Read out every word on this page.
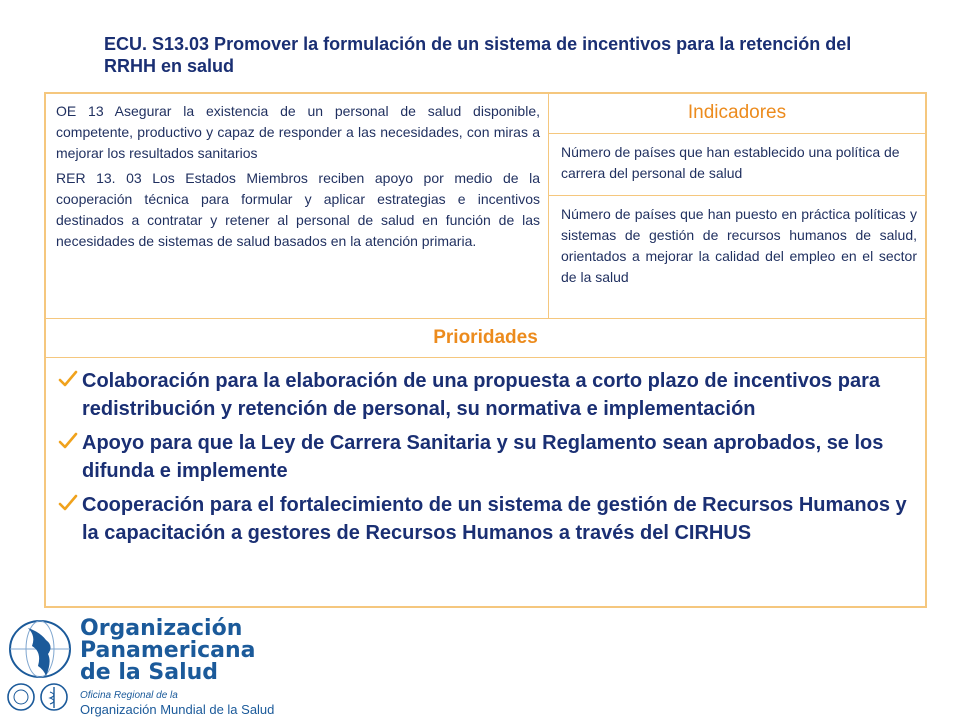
ECU. S13.03 Promover la formulación de un sistema de incentivos para la retención del RRHH en salud

OE 13 Asegurar la existencia de un personal de salud disponible, competente, productivo y capaz de responder a las necesidades, con miras a mejorar los resultados sanitarios

RER 13. 03 Los Estados Miembros reciben apoyo por medio de la cooperación técnica para formular y aplicar estrategias e incentivos destinados a contratar y retener al personal de salud en función de las necesidades de sistemas de salud basados en la atención primaria.

Indicadores
Número de países que han establecido una política de carrera del personal de salud
Número de países que han puesto en práctica políticas y sistemas de gestión de recursos humanos de salud, orientados a mejorar la calidad del empleo en el sector de la salud
Prioridades
Colaboración para la elaboración de una propuesta a corto plazo de incentivos para redistribución y retención de personal, su normativa e implementación
Apoyo para que la Ley de Carrera Sanitaria y su Reglamento sean aprobados, se los difunda e implemente
Cooperación para el fortalecimiento de un sistema de gestión de Recursos Humanos y la capacitación a gestores de Recursos Humanos a través del CIRHUS
Organización
Panamericana
de la Salud
Oficina Regional de la
Organización Mundial de la Salud
